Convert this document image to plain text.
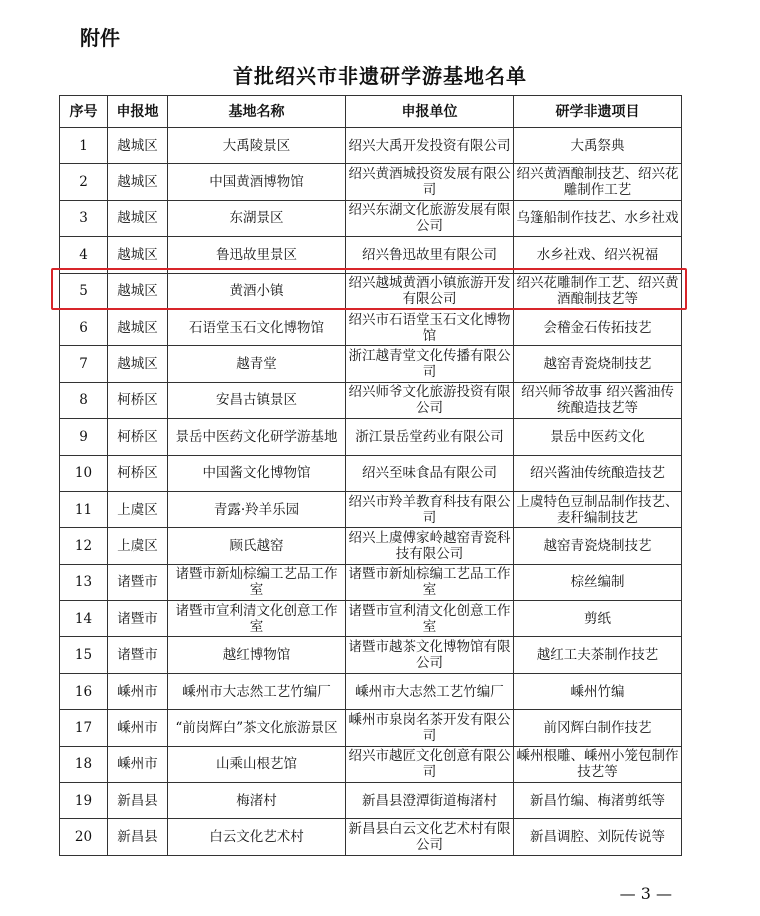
附件
首批绍兴市非遗研学游基地名单
序号	申报地	基地名称	申报单位	研学非遗项目
1	越城区	大禹陵景区	绍兴大禹开发投资有限公司	大禹祭典
2	越城区	中国黄酒博物馆	绍兴黄酒城投资发展有限公司	绍兴黄酒酿制技艺、绍兴花雕制作工艺
3	越城区	东湖景区	绍兴东湖文化旅游发展有限公司	乌篷船制作技艺、水乡社戏
4	越城区	鲁迅故里景区	绍兴鲁迅故里有限公司	水乡社戏、绍兴祝福
5	越城区	黄酒小镇	绍兴越城黄酒小镇旅游开发有限公司	绍兴花雕制作工艺、绍兴黄酒酿制技艺等
6	越城区	石语堂玉石文化博物馆	绍兴市石语堂玉石文化博物馆	会稽金石传拓技艺
7	越城区	越青堂	浙江越青堂文化传播有限公司	越窑青瓷烧制技艺
8	柯桥区	安昌古镇景区	绍兴师爷文化旅游投资有限公司	绍兴师爷故事 绍兴酱油传统酿造技艺等
9	柯桥区	景岳中医药文化研学游基地	浙江景岳堂药业有限公司	景岳中医药文化
10	柯桥区	中国酱文化博物馆	绍兴至味食品有限公司	绍兴酱油传统酿造技艺
11	上虞区	青露·羚羊乐园	绍兴市羚羊教育科技有限公司	上虞特色豆制品制作技艺、麦秆编制技艺
12	上虞区	顾氏越窑	绍兴上虞傅家岭越窑青瓷科技有限公司	越窑青瓷烧制技艺
13	诸暨市	诸暨市新灿棕编工艺品工作室	诸暨市新灿棕编工艺品工作室	棕丝编制
14	诸暨市	诸暨市宣利清文化创意工作室	诸暨市宣利清文化创意工作室	剪纸
15	诸暨市	越红博物馆	诸暨市越茶文化博物馆有限公司	越红工夫茶制作技艺
16	嵊州市	嵊州市大志然工艺竹编厂	嵊州市大志然工艺竹编厂	嵊州竹编
17	嵊州市	“前岗辉白”茶文化旅游景区	嵊州市泉岗名茶开发有限公司	前冈辉白制作技艺
18	嵊州市	山乘山根艺馆	绍兴市越匠文化创意有限公司	嵊州根雕、嵊州小笼包制作技艺等
19	新昌县	梅渚村	新昌县澄潭街道梅渚村	新昌竹编、梅渚剪纸等
20	新昌县	白云文化艺术村	新昌县白云文化艺术村有限公司	新昌调腔、刘阮传说等
— 3 —
